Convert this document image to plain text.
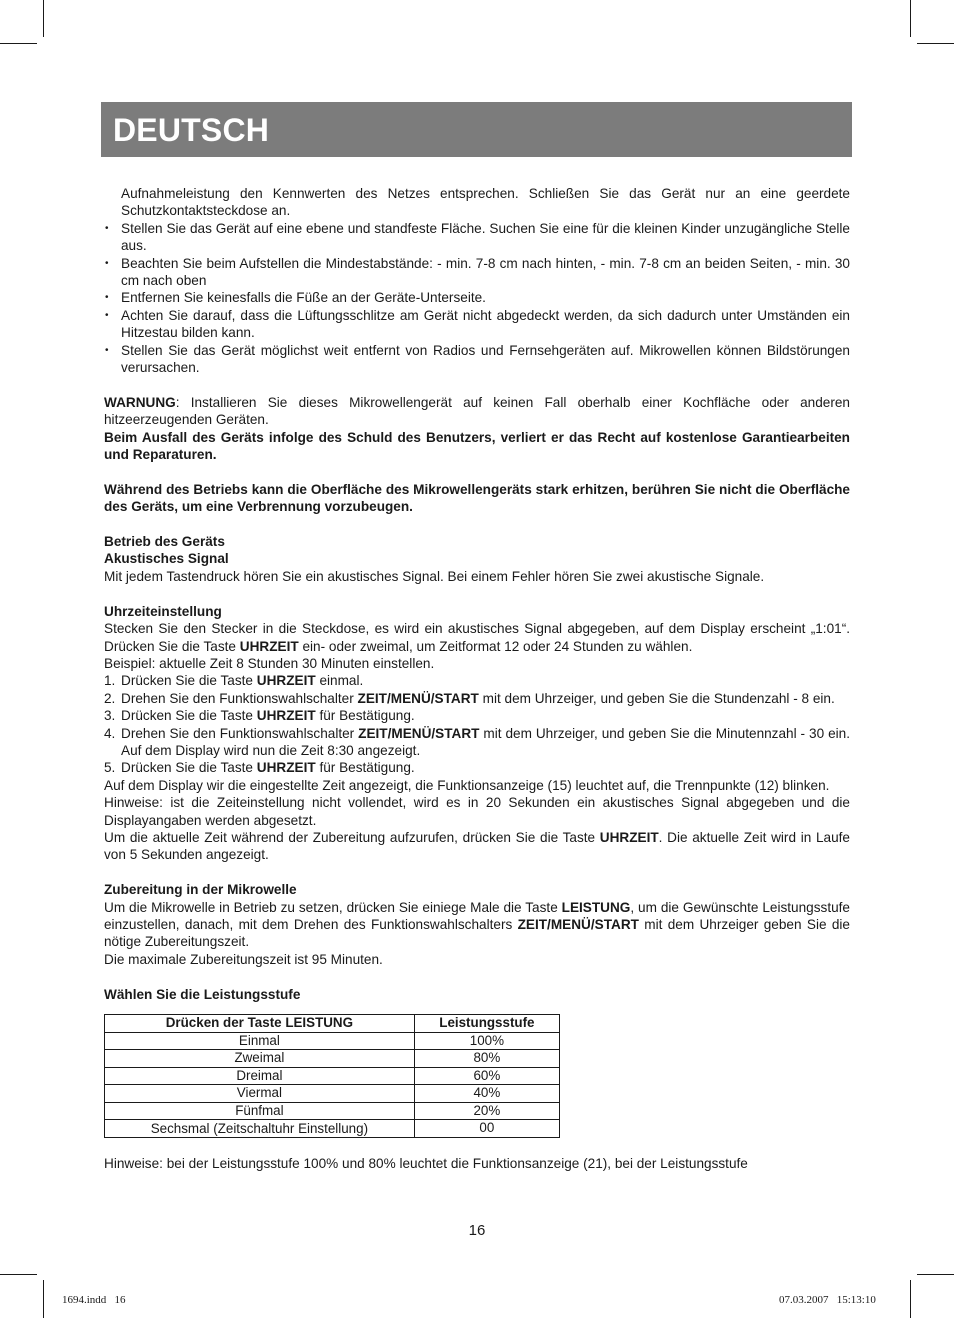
DEUTSCH

Aufnahmeleistung den Kennwerten des Netzes entsprechen. Schließen Sie das Gerät nur an eine geerdete Schutzkontaktsteckdose an.

• Stellen Sie das Gerät auf eine ebene und standfeste Fläche. Suchen Sie eine für die kleinen Kinder unzugängliche Stelle aus.
• Beachten Sie beim Aufstellen die Mindestabstände: - min. 7-8 cm nach hinten, - min. 7-8 cm an beiden Seiten, - min. 30 cm nach oben
• Entfernen Sie keinesfalls die Füße an der Geräte-Unterseite.
• Achten Sie darauf, dass die Lüftungsschlitze am Gerät nicht abgedeckt werden, da sich dadurch unter Umständen ein Hitzestau bilden kann.
• Stellen Sie das Gerät möglichst weit entfernt von Radios und Fernsehgeräten auf. Mikrowellen können Bildstörungen verursachen.

WARNUNG: Installieren Sie dieses Mikrowellengerät auf keinen Fall oberhalb einer Kochfläche oder anderen hitzeerzeugenden Geräten.

Beim Ausfall des Geräts infolge des Schuld des Benutzers, verliert er das Recht auf kostenlose Garantiearbeiten und Reparaturen.

Während des Betriebs kann die Oberfläche des Mikrowellengeräts stark erhitzen, berühren Sie nicht die Oberfläche des Geräts, um eine Verbrennung vorzubeugen.

Betrieb des Geräts

Akustisches Signal

Mit jedem Tastendruck hören Sie ein akustisches Signal. Bei einem Fehler hören Sie zwei akustische Signale.

Uhrzeiteinstellung

Stecken Sie den Stecker in die Steckdose, es wird ein akustisches Signal abgegeben, auf dem Display erscheint „1:01“. Drücken Sie die Taste UHRZEIT ein- oder zweimal, um Zeitformat 12 oder 24 Stunden zu wählen.

Beispiel: aktuelle Zeit 8 Stunden 30 Minuten einstellen.

1. Drücken Sie die Taste UHRZEIT einmal.
2. Drehen Sie den Funktionswahlschalter ZEIT/MENÜ/START mit dem Uhrzeiger, und geben Sie die Stundenzahl - 8 ein.
3. Drücken Sie die Taste UHRZEIT für Bestätigung.
4. Drehen Sie den Funktionswahlschalter ZEIT/MENÜ/START mit dem Uhrzeiger, und geben Sie die Minutennzahl - 30 ein. Auf dem Display wird nun die Zeit 8:30 angezeigt.
5. Drücken Sie die Taste UHRZEIT für Bestätigung.

Auf dem Display wir die eingestellte Zeit angezeigt, die Funktionsanzeige (15) leuchtet auf, die Trennpunkte (12) blinken.

Hinweise: ist die Zeiteinstellung nicht vollendet, wird es in 20 Sekunden ein akustisches Signal abgegeben und die Displayangaben werden abgesetzt.

Um die aktuelle Zeit während der Zubereitung aufzurufen, drücken Sie die Taste UHRZEIT. Die aktuelle Zeit wird in Laufe von 5 Sekunden angezeigt.

Zubereitung in der Mikrowelle

Um die Mikrowelle in Betrieb zu setzen, drücken Sie einiege Male die Taste LEISTUNG, um die Gewünschte Leistungsstufe einzustellen, danach, mit dem Drehen des Funktionswahlschalters ZEIT/MENÜ/START mit dem Uhrzeiger geben Sie die nötige Zubereitungszeit.

Die maximale Zubereitungszeit ist 95 Minuten.

Wählen Sie die Leistungsstufe

Drücken der Taste LEISTUNG	Leistungsstufe
Einmal	100%
Zweimal	80%
Dreimal	60%
Viermal	40%
Fünfmal	20%
Sechsmal (Zeitschaltuhr Einstellung)	00

Hinweise: bei der Leistungsstufe 100% und 80% leuchtet die Funktionsanzeige (21), bei der Leistungsstufe

16
1694.indd   16	07.03.2007   15:13:10
